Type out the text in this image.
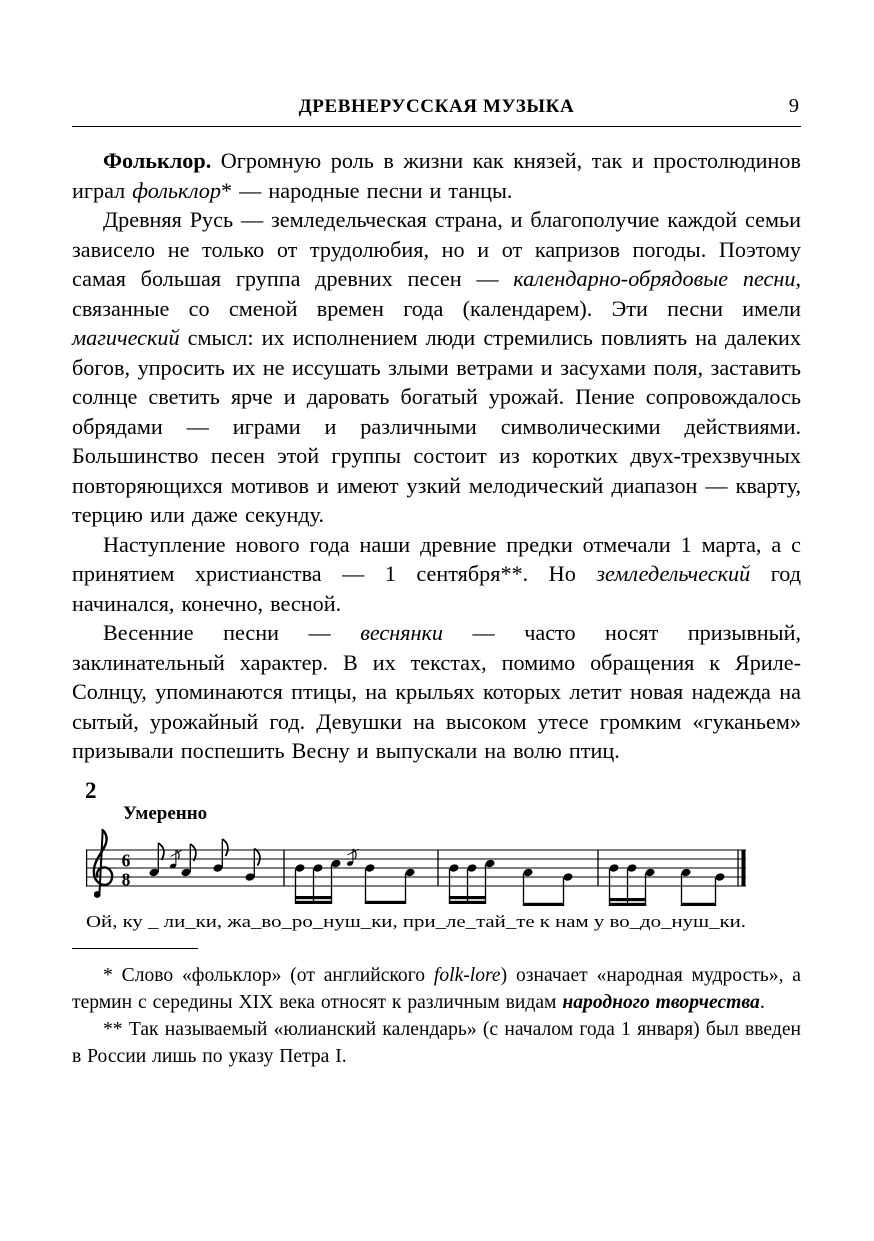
ДРЕВНЕРУССКАЯ МУЗЫКА	9

Фольклор. Огромную роль в жизни как князей, так и простолюдинов играл фольклор* — народные песни и танцы.

Древняя Русь — земледельческая страна, и благополучие каждой семьи зависело не только от трудолюбия, но и от капризов погоды. Поэтому самая большая группа древних песен — календарно-обрядовые песни, связанные со сменой времен года (календарем). Эти песни имели магический смысл: их исполнением люди стремились повлиять на далеких богов, упросить их не иссушать злыми ветрами и засухами поля, заставить солнце светить ярче и даровать богатый урожай. Пение сопровождалось обрядами — играми и различными символическими действиями. Большинство песен этой группы состоит из коротких двух-трехзвучных повторяющихся мотивов и имеют узкий мелодический диапазон — кварту, терцию или даже секунду.

Наступление нового года наши древние предки отмечали 1 марта, а с принятием христианства — 1 сентября**. Но земледельческий год начинался, конечно, весной.

Весенние песни — веснянки — часто носят призывный, заклинательный характер. В их текстах, помимо обращения к Яриле-Солнцу, упоминаются птицы, на крыльях которых летит новая надежда на сытый, урожайный год. Девушки на высоком утесе громким «гуканьем» призывали поспешить Весну и выпускали на волю птиц.

2
Умеренно
6
8
Ой, ку _ ли_ки, жа_во_ро_нуш_ки, при_ле_тай_те к нам у во_до_нуш_ки.

* Слово «фольклор» (от английского folk-lore) означает «народная мудрость», а термин с середины XIX века относят к различным видам народного творчества.

** Так называемый «юлианский календарь» (с началом года 1 января) был введен в России лишь по указу Петра I.
